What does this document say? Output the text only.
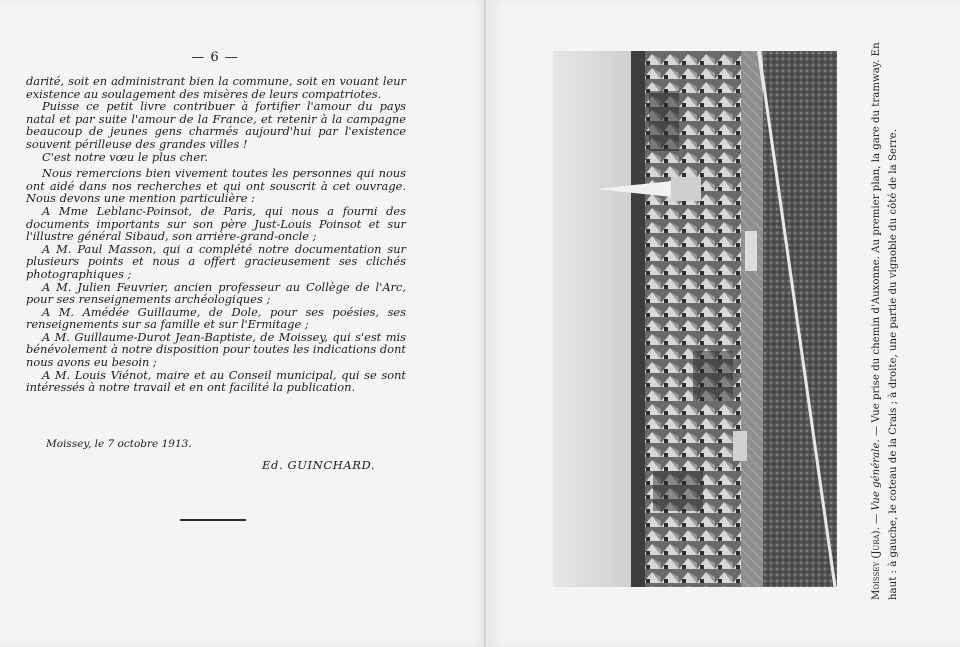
— 6 —

darité, soit en administrant bien la commune, soit en vouant leur existence au soulagement des misères de leurs compatriotes.

Puisse ce petit livre contribuer à fortifier l'amour du pays natal et par suite l'amour de la France, et retenir à la campagne beaucoup de jeunes gens charmés aujourd'hui par l'existence souvent périlleuse des grandes villes !

C'est notre vœu le plus cher.

Nous remercions bien vivement toutes les personnes qui nous ont aidé dans nos recherches et qui ont souscrit à cet ouvrage. Nous devons une mention particulière :

A Mme Leblanc-Poinsot, de Paris, qui nous a fourni des documents importants sur son père Just-Louis Poinsot et sur l'illustre général Sibaud, son arrière-grand-oncle ;

A M. Paul Masson, qui a complété notre documentation sur plusieurs points et nous a offert gracieusement ses clichés photographiques ;

A M. Julien Feuvrier, ancien professeur au Collège de l'Arc, pour ses renseignements archéologiques ;

A M. Amédée Guillaume, de Dole, pour ses poésies, ses renseignements sur sa famille et sur l'Ermitage ;

A M. Guillaume-Durot Jean-Baptiste, de Moissey, qui s'est mis bénévolement à notre disposition pour toutes les indications dont nous avons eu besoin ;

A M. Louis Viénot, maire et au Conseil municipal, qui se sont intéressés à notre travail et en ont facilité la publication.

Moissey, le 7 octobre 1913.
Ed. GUINCHARD.
Moissey (Jura). — Vue générale. — Vue prise du chemin d'Auxonne. Au premier plan, la gare du tramway. En haut : à gauche, le coteau de la Crais ; à droite, une partie du vignoble du côté de la Serre.
